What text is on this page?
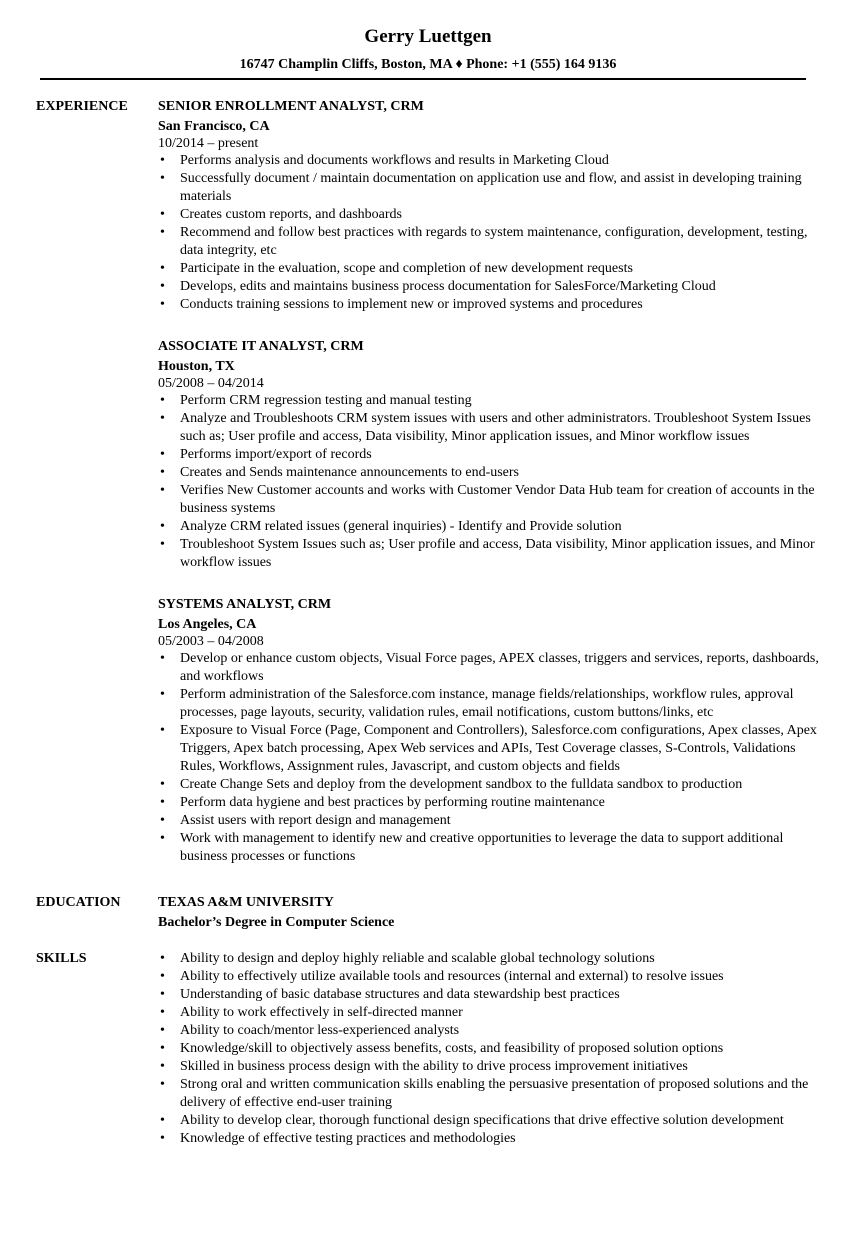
Gerry Luettgen
16747 Champlin Cliffs, Boston, MA ♦ Phone: +1 (555) 164 9136
EXPERIENCE	SENIOR ENROLLMENT ANALYST, CRM
San Francisco, CA
10/2014 – present
• Performs analysis and documents workflows and results in Marketing Cloud
• Successfully document / maintain documentation on application use and flow, and assist in developing training materials
• Creates custom reports, and dashboards
• Recommend and follow best practices with regards to system maintenance, configuration, development, testing, data integrity, etc
• Participate in the evaluation, scope and completion of new development requests
• Develops, edits and maintains business process documentation for SalesForce/Marketing Cloud
• Conducts training sessions to implement new or improved systems and procedures
ASSOCIATE IT ANALYST, CRM
Houston, TX
05/2008 – 04/2014
• Perform CRM regression testing and manual testing
• Analyze and Troubleshoots CRM system issues with users and other administrators. Troubleshoot System Issues such as; User profile and access, Data visibility, Minor application issues, and Minor workflow issues
• Performs import/export of records
• Creates and Sends maintenance announcements to end-users
• Verifies New Customer accounts and works with Customer Vendor Data Hub team for creation of accounts in the business systems
• Analyze CRM related issues (general inquiries) - Identify and Provide solution
• Troubleshoot System Issues such as; User profile and access, Data visibility, Minor application issues, and Minor workflow issues
SYSTEMS ANALYST, CRM
Los Angeles, CA
05/2003 – 04/2008
• Develop or enhance custom objects, Visual Force pages, APEX classes, triggers and services, reports, dashboards, and workflows
• Perform administration of the Salesforce.com instance, manage fields/relationships, workflow rules, approval processes, page layouts, security, validation rules, email notifications, custom buttons/links, etc
• Exposure to Visual Force (Page, Component and Controllers), Salesforce.com configurations, Apex classes, Apex Triggers, Apex batch processing, Apex Web services and APIs, Test Coverage classes, S-Controls, Validations Rules, Workflows, Assignment rules, Javascript, and custom objects and fields
• Create Change Sets and deploy from the development sandbox to the fulldata sandbox to production
• Perform data hygiene and best practices by performing routine maintenance
• Assist users with report design and management
• Work with management to identify new and creative opportunities to leverage the data to support additional business processes or functions
EDUCATION	TEXAS A&M UNIVERSITY
Bachelor’s Degree in Computer Science
SKILLS
•	Ability to design and deploy highly reliable and scalable global technology solutions
• Ability to effectively utilize available tools and resources (internal and external) to resolve issues
• Understanding of basic database structures and data stewardship best practices
• Ability to work effectively in self-directed manner
• Ability to coach/mentor less-experienced analysts
• Knowledge/skill to objectively assess benefits, costs, and feasibility of proposed solution options
• Skilled in business process design with the ability to drive process improvement initiatives
• Strong oral and written communication skills enabling the persuasive presentation of proposed solutions and the delivery of effective end-user training
• Ability to develop clear, thorough functional design specifications that drive effective solution development
• Knowledge of effective testing practices and methodologies
